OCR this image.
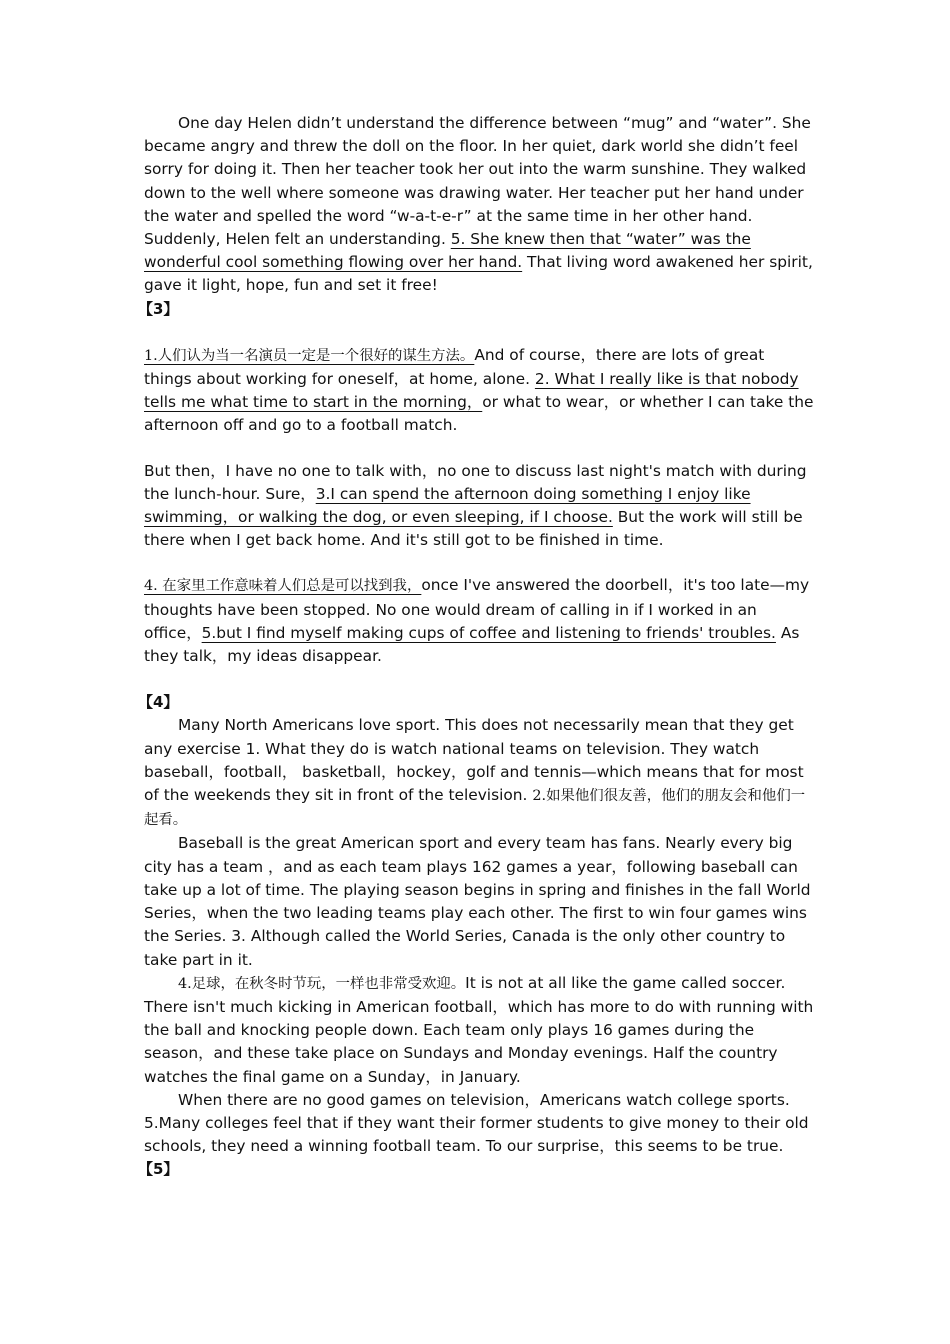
One day Helen didn’t understand the difference between “mug” and “water”. She became angry and threw the doll on the floor. In her quiet, dark world she didn’t feel sorry for doing it. Then her teacher took her out into the warm sunshine. They walked down to the well where someone was drawing water. Her teacher put her hand under the water and spelled the word “w-a-t-e-r” at the same time in her other hand. Suddenly, Helen felt an understanding. 5. She knew then that “water” was the wonderful cool something flowing over her hand. That living word awakened her spirit, gave it light, hope, fun and set it free!

【3】

1.人们认为当一名演员一定是一个很好的谋生方法。And of course，there are lots of great things about working for oneself，at home, alone. 2. What I really like is that nobody tells me what time to start in the morning，or what to wear，or whether I can take the afternoon off and go to a football match.

But then，I have no one to talk with，no one to discuss last night's match with during the lunch-hour. Sure，3.I can spend the afternoon doing something I enjoy like swimming，or walking the dog, or even sleeping, if I choose. But the work will still be there when I get back home. And it's still got to be finished in time.

4. 在家里工作意味着人们总是可以找到我，once I've answered the doorbell，it's too late—my thoughts have been stopped. No one would dream of calling in if I worked in an office，5.but I find myself making cups of coffee and listening to friends' troubles. As they talk，my ideas disappear.

【4】

Many North Americans love sport. This does not necessarily mean that they get any exercise 1. What they do is watch national teams on television. They watch baseball，football， basketball，hockey，golf and tennis—which means that for most of the weekends they sit in front of the television. 2.如果他们很友善，他们的朋友会和他们一起看。

Baseball is the great American sport and every team has fans. Nearly every big city has a team ，and as each team plays 162 games a year，following baseball can take up a lot of time. The playing season begins in spring and finishes in the fall World Series，when the two leading teams play each other. The first to win four games wins the Series. 3. Although called the World Series, Canada is the only other country to take part in it.

4.足球，在秋冬时节玩，一样也非常受欢迎。It is not at all like the game called soccer. There isn't much kicking in American football，which has more to do with running with the ball and knocking people down. Each team only plays 16 games during the season，and these take place on Sundays and Monday evenings. Half the country watches the final game on a Sunday，in January.

When there are no good games on television，Americans watch college sports. 5.Many colleges feel that if they want their former students to give money to their old schools, they need a winning football team. To our surprise，this seems to be true.

【5】
